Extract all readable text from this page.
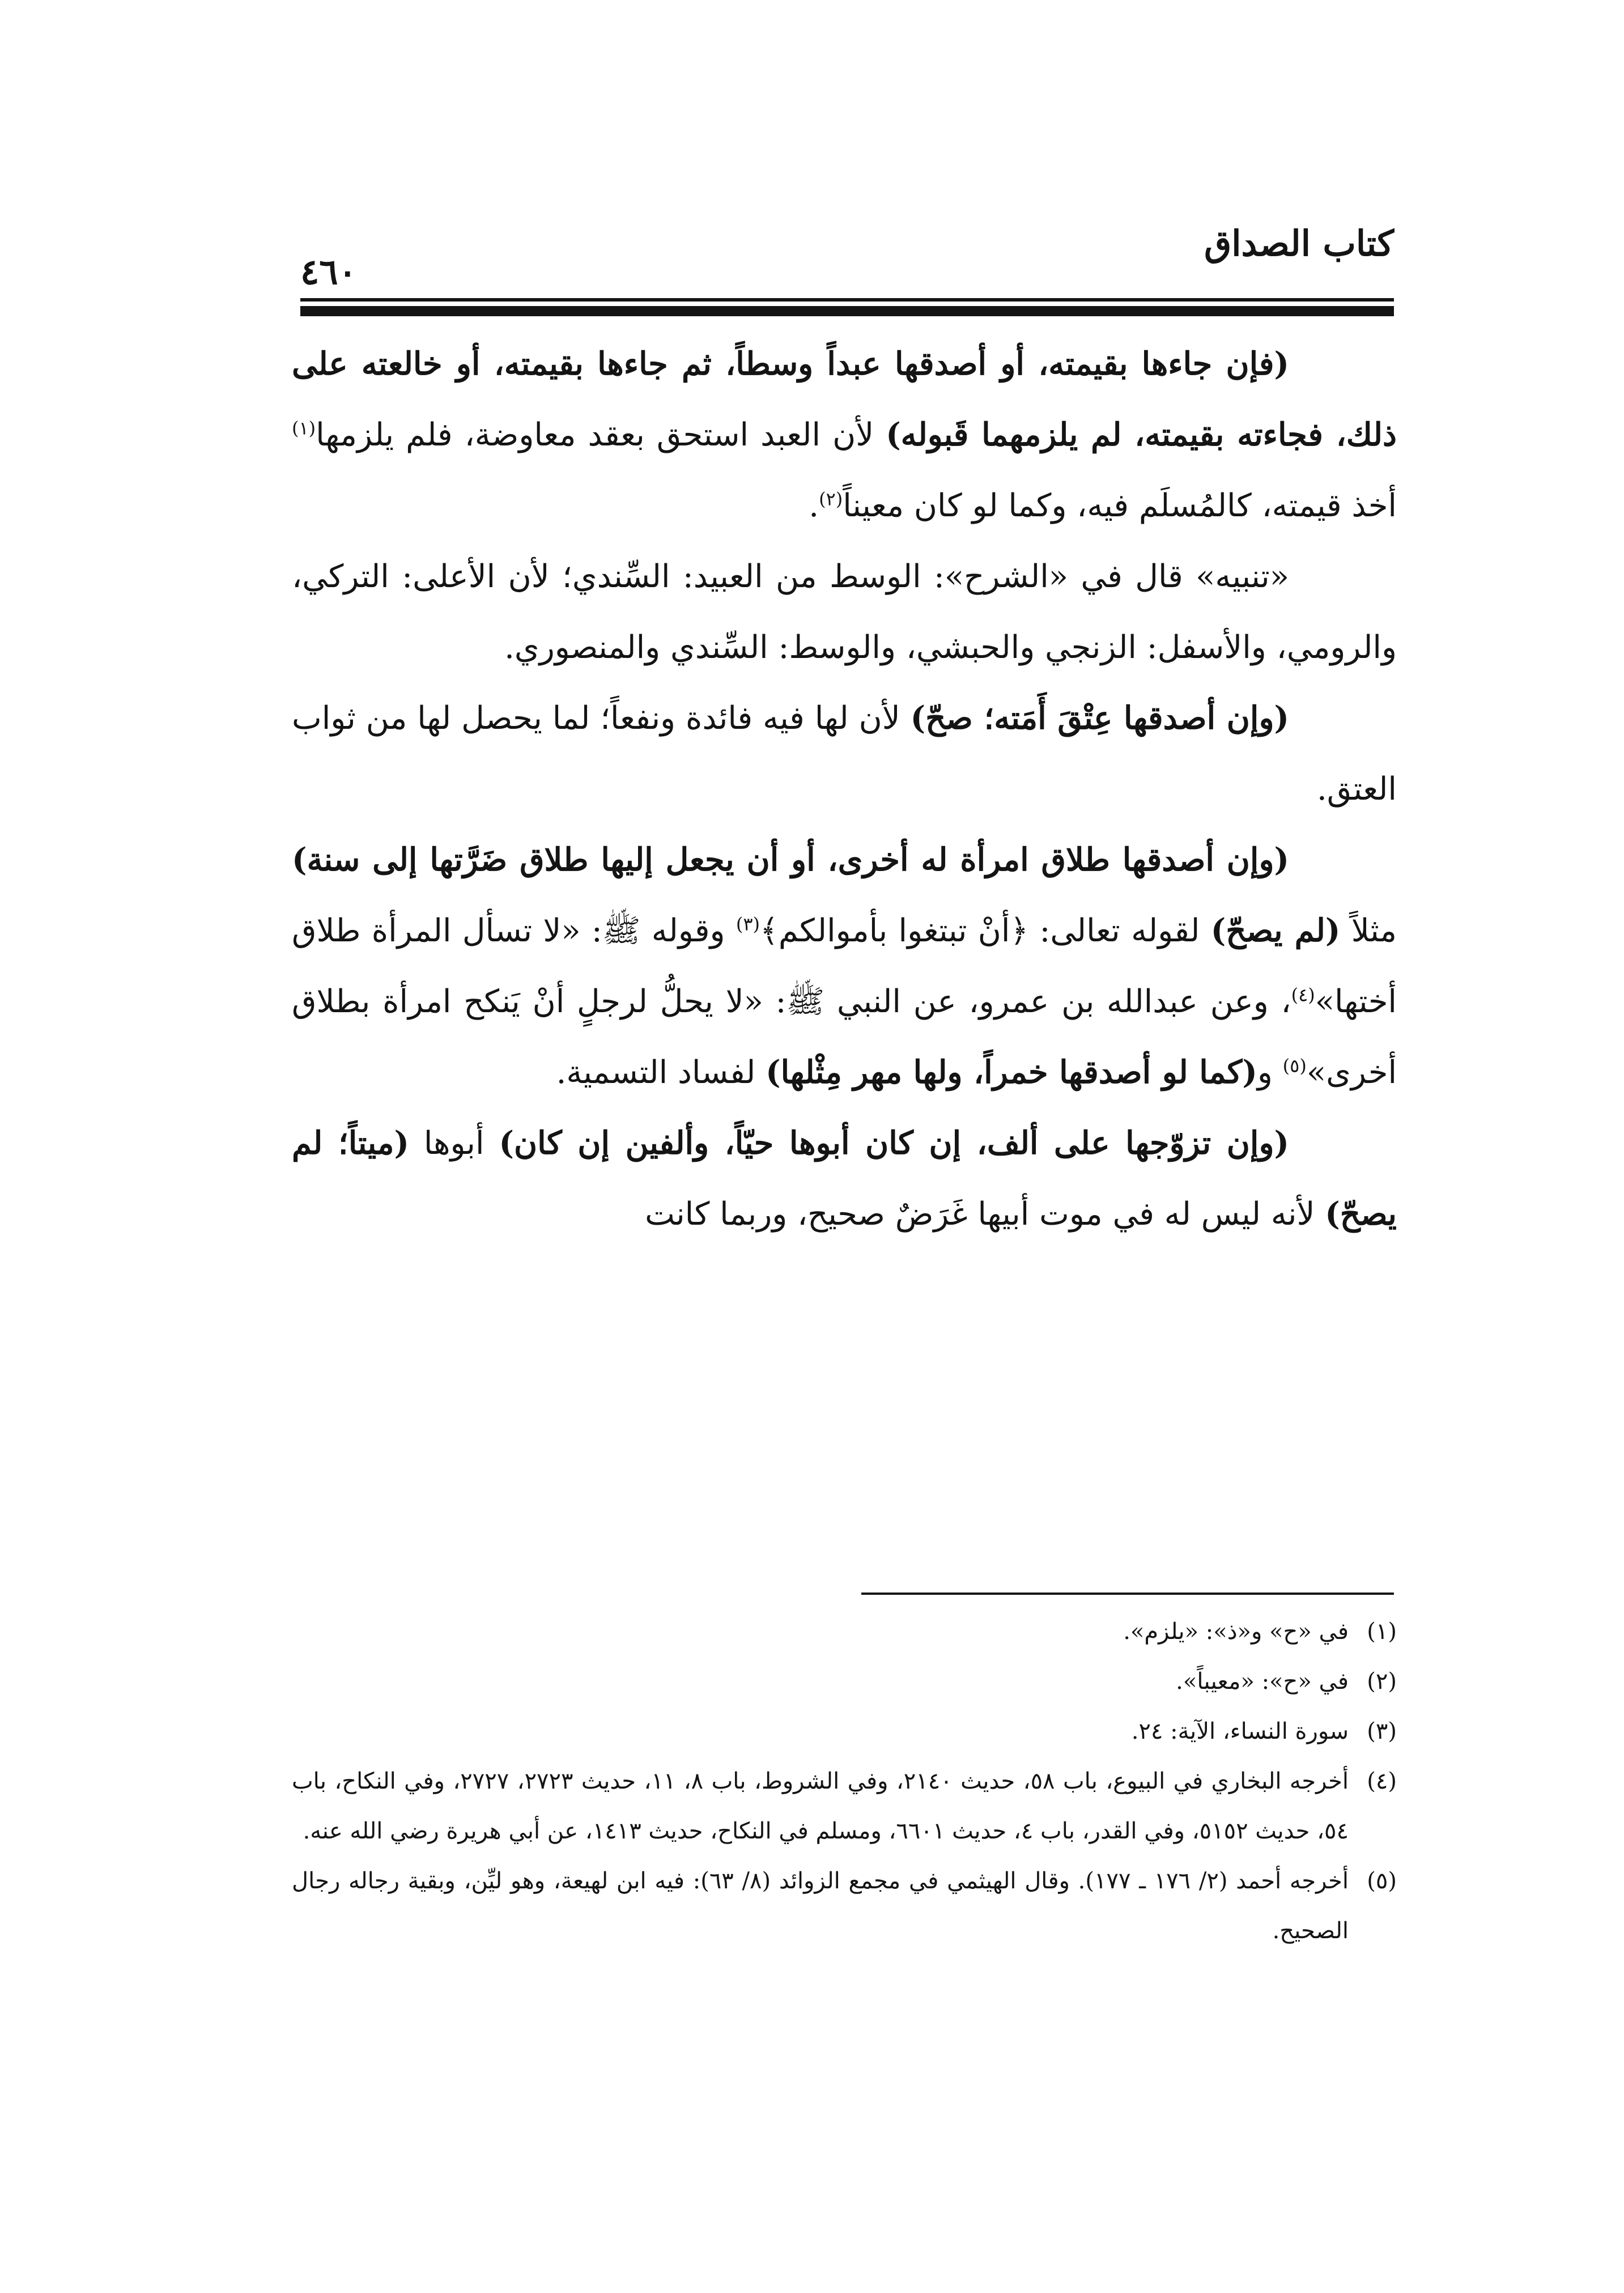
كتاب الصداق
٤٦٠

(فإن جاءها بقيمته، أو أصدقها عبداً وسطاً، ثم جاءها بقيمته، أو خالعته على ذلك، فجاءته بقيمته، لم يلزمهما قَبوله) لأن العبد استحق بعقد معاوضة، فلم يلزمها$^{(١)}$ أخذ قيمته، كالمُسلَم فيه، وكما لو كان معيناً$^{(٢)}$.

«تنبيه» قال في «الشرح»: الوسط من العبيد: السِّندي؛ لأن الأعلى: التركي، والرومي، والأسفل: الزنجي والحبشي، والوسط: السِّندي والمنصوري.

(وإن أصدقها عِتْقَ أَمَته؛ صحّ) لأن لها فيه فائدة ونفعاً؛ لما يحصل لها من ثواب العتق.

(وإن أصدقها طلاق امرأة له أخرى، أو أن يجعل إليها طلاق ضَرَّتها إلى سنة) مثلاً (لم يصحّ) لقوله تعالى: ﴿أنْ تبتغوا بأموالكم﴾$^{(٣)}$ وقوله ﷺ: «لا تسأل المرأة طلاق أختها»$^{(٤)}$، وعن عبدالله بن عمرو، عن النبي ﷺ: «لا يحلُّ لرجلٍ أنْ يَنكح امرأة بطلاق أخرى»$^{(٥)}$ و(كما لو أصدقها خمراً، ولها مهر مِثْلها) لفساد التسمية.

(وإن تزوّجها على ألف، إن كان أبوها حيّاً، وألفين إن كان) أبوها (ميتاً؛ لم يصحّ) لأنه ليس له في موت أبيها غَرَضٌ صحيح، وربما كانت

(١)
في «ح» و«ذ»: «يلزم».

(٢)
في «ح»: «معيباً».

(٣)
سورة النساء، الآية: ٢٤.

(٤)
أخرجه البخاري في البيوع، باب ٥٨، حديث ٢١٤٠، وفي الشروط، باب ٨، ١١، حديث ٢٧٢٣، ٢٧٢٧، وفي النكاح، باب ٥٤، حديث ٥١٥٢، وفي القدر، باب ٤، حديث ٦٦٠١، ومسلم في النكاح، حديث ١٤١٣، عن أبي هريرة رضي الله عنه.

(٥)
أخرجه أحمد (٢/ ١٧٦ ـ ١٧٧). وقال الهيثمي في مجمع الزوائد (٨/ ٦٣): فيه ابن لهيعة، وهو ليِّن، وبقية رجاله رجال الصحيح.
